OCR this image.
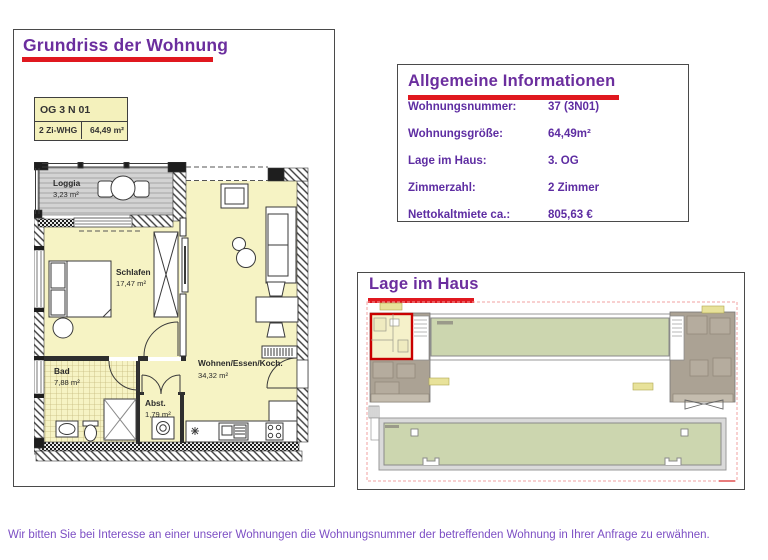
Grundriss der Wohnung
OG 3 N 01
2 Zi-WHG	64,49 m²
Loggia
3,23 m²
Schlafen
17,47 m²
Bad
7,88 m²
Abst.
1,79 m²
Wohnen/Essen/Koch.
34,32 m²
Allgemeine Informationen
Wohnungsnummer:	37 (3N01)
Wohnungsgröße:	64,49m²
Lage im Haus:	3. OG
Zimmerzahl:	2 Zimmer
Nettokaltmiete ca.:	805,63 €
Lage im Haus
Wir bitten Sie bei Interesse an einer unserer Wohnungen die Wohnungsnummer der betreffenden Wohnung in Ihrer Anfrage zu erwähnen.
